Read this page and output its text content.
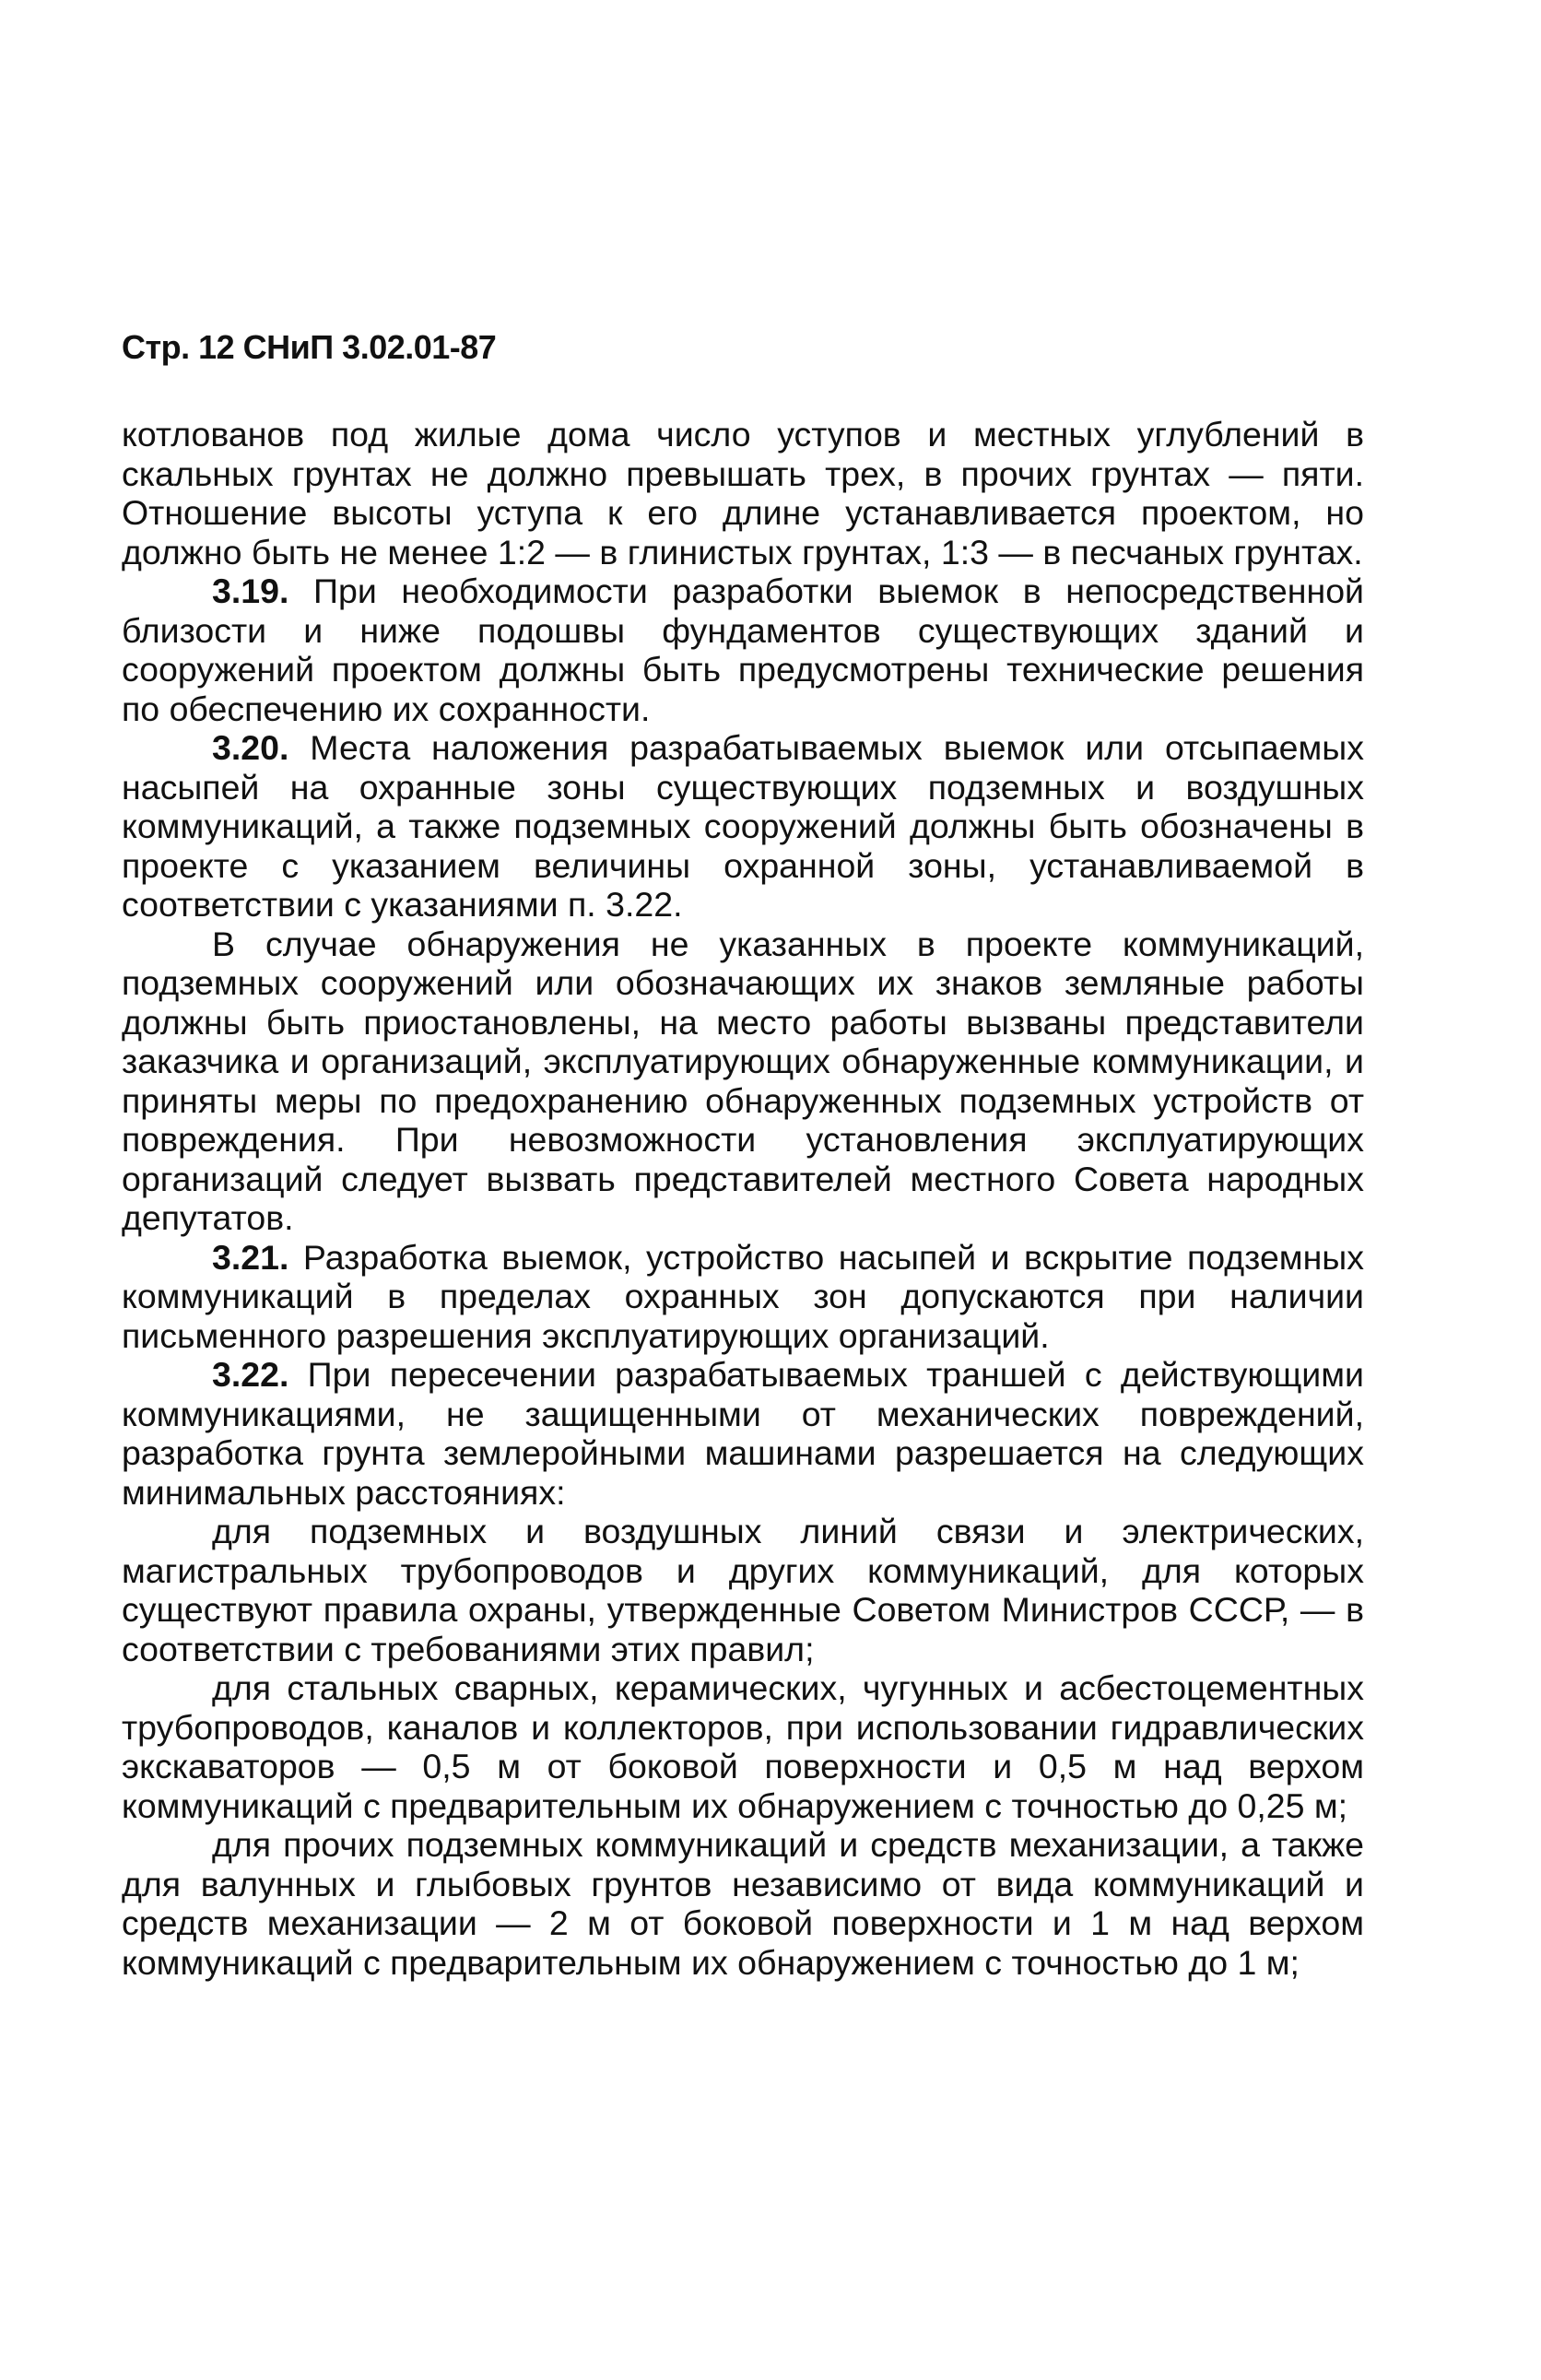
Стр. 12 СНиП 3.02.01-87

котлованов под жилые дома число уступов и местных углублений в скальных грунтах не должно превышать трех, в прочих грунтах — пяти. Отношение высоты уступа к его длине устанавливается проектом, но должно быть не менее 1:2 — в глинистых грунтах, 1:3 — в песчаных грунтах.

3.19. При необходимости разработки выемок в непосредственной близости и ниже подошвы фундаментов существующих зданий и сооружений проектом должны быть предусмотрены технические решения по обеспечению их сохранности.

3.20. Места наложения разрабатываемых выемок или отсыпаемых насыпей на охранные зоны существующих подземных и воздушных коммуникаций, а также подземных сооружений должны быть обозначены в проекте с указанием величины охранной зоны, устанавливаемой в соответствии с указаниями п. 3.22.

В случае обнаружения не указанных в проекте коммуникаций, подземных сооружений или обозначающих их знаков земляные работы должны быть приостановлены, на место работы вызваны представители заказчика и организаций, эксплуатирующих обнаруженные коммуникации, и приняты меры по предохранению обнаруженных подземных устройств от повреждения. При невозможности установления эксплуатирующих организаций следует вызвать представителей местного Совета народных депутатов.

3.21. Разработка выемок, устройство насыпей и вскрытие подземных коммуникаций в пределах охранных зон допускаются при наличии письменного разрешения эксплуатирующих организаций.

3.22. При пересечении разрабатываемых траншей с действующими коммуникациями, не защищенными от механических повреждений, разработка грунта землеройными машинами разрешается на следующих минимальных расстояниях:

для подземных и воздушных линий связи и электрических, магистральных трубопроводов и других коммуникаций, для которых существуют правила охраны, утвержденные Советом Министров СССР, — в соответствии с требованиями этих правил;

для стальных сварных, керамических, чугунных и асбестоцементных трубопроводов, каналов и коллекторов, при использовании гидравлических экскаваторов — 0,5 м от боковой поверхности и 0,5 м над верхом коммуникаций с предварительным их обнаружением с точностью до 0,25 м;

для прочих подземных коммуникаций и средств механизации, а также для валунных и глыбовых грунтов независимо от вида коммуникаций и средств механизации — 2 м от боковой поверхности и 1 м над верхом коммуникаций с предварительным их обнаружением с точностью до 1 м;
